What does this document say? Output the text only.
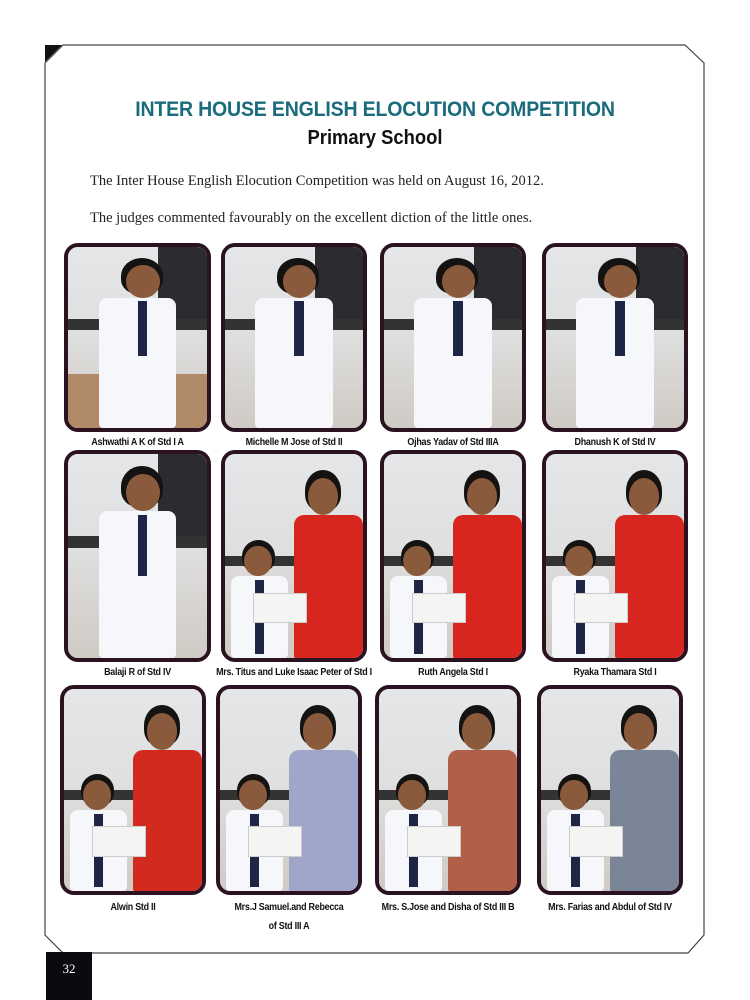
INTER HOUSE ENGLISH ELOCUTION COMPETITION
Primary School
The Inter House English Elocution Competition was held on August 16, 2012.
The judges commented favourably on the excellent diction of the little ones.
Ashwathi A K of Std I A	Michelle M Jose of Std II	Ojhas Yadav of Std IIIA	Dhanush K of Std IV
Balaji R of Std IV	Mrs. Titus and Luke Isaac Peter of Std I	Ruth Angela Std I	Ryaka Thamara Std I
Alwin Std II	Mrs.J Samuel.and Rebecca
of Std III A
Mrs. S.Jose and Disha of Std III B	Mrs. Farias and Abdul of Std IV
32
